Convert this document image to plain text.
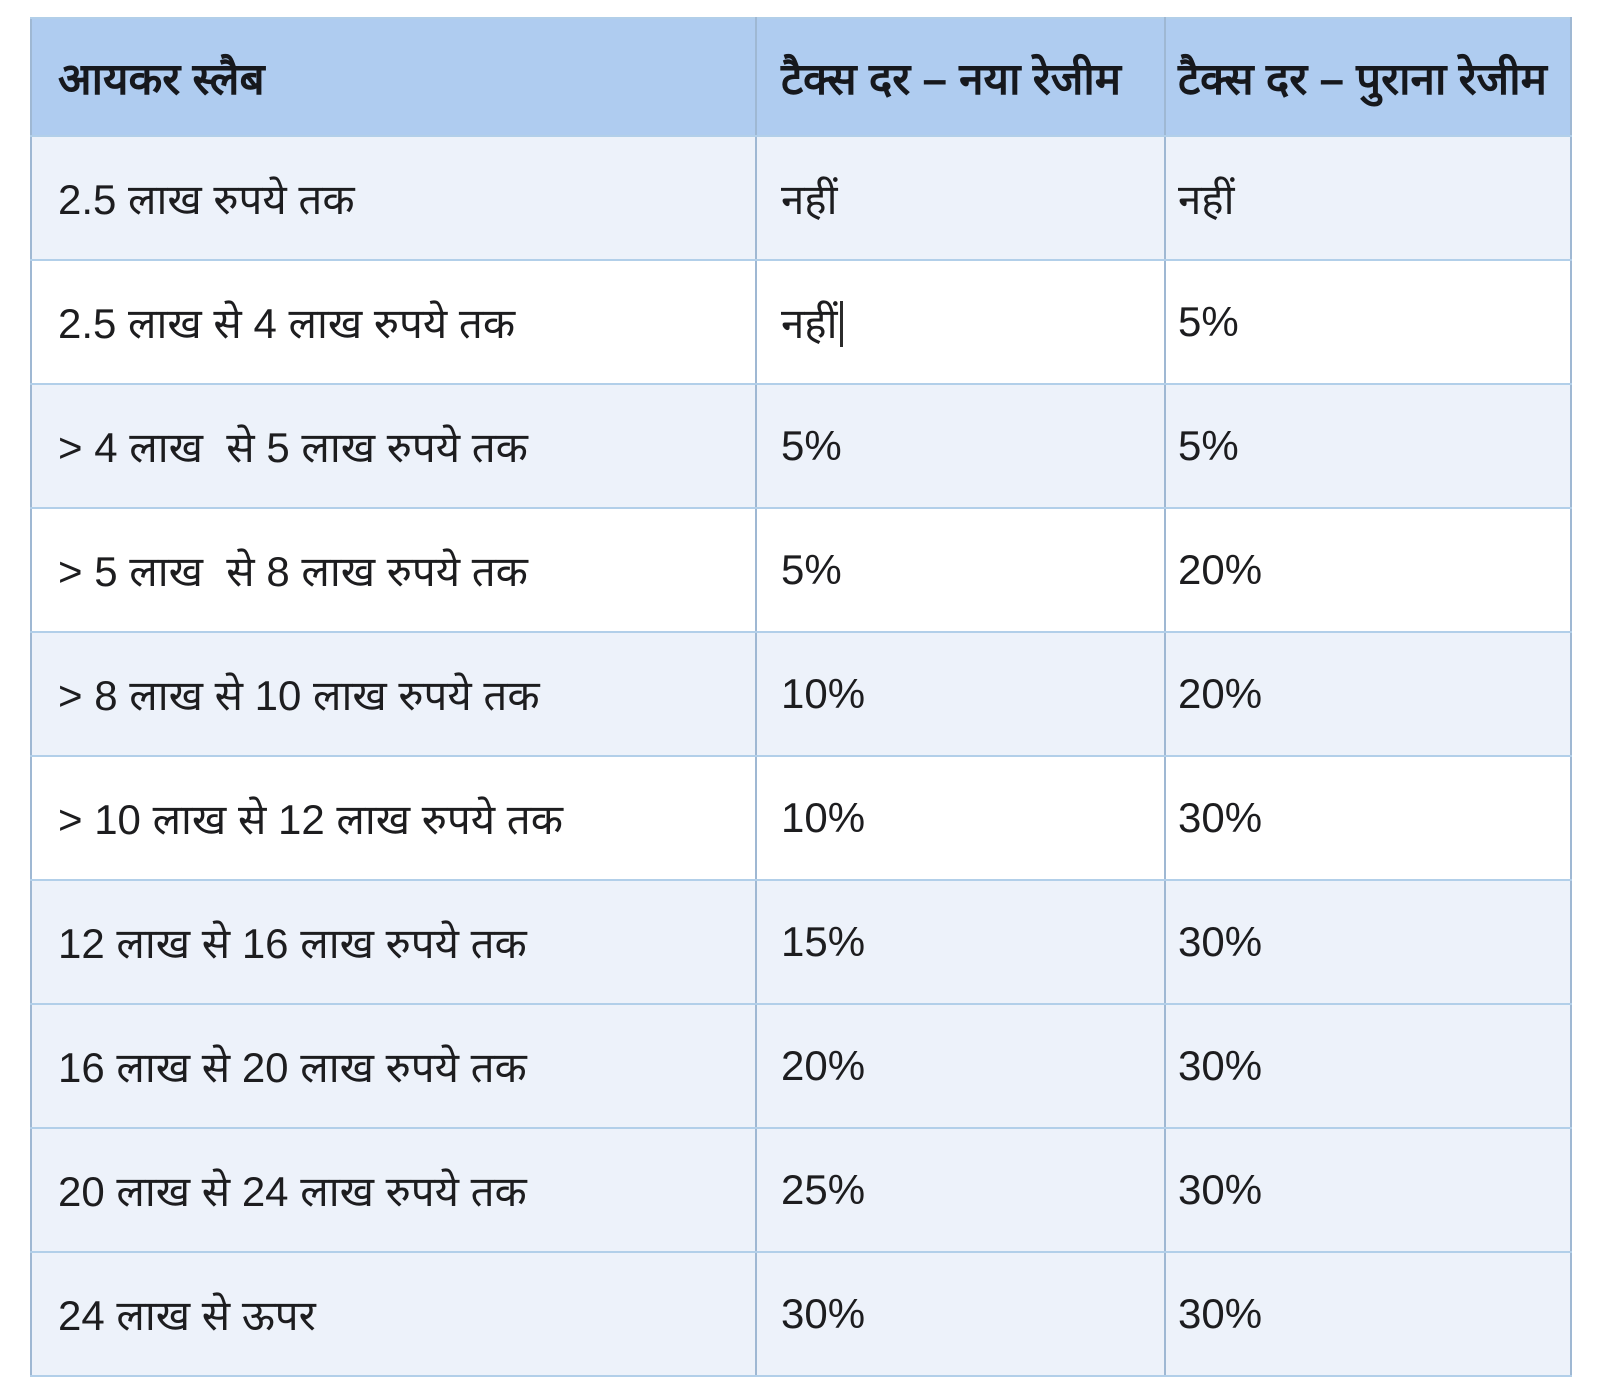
आयकर स्लैब	टैक्स दर – नया रेजीम	टैक्स दर – पुराना रेजीम
2.5 लाख रुपये तक	नहीं	नहीं
2.5 लाख से 4 लाख रुपये तक	नहीं	5%
> 4 लाख  से 5 लाख रुपये तक	5%	5%
> 5 लाख  से 8 लाख रुपये तक	5%	20%
> 8 लाख से 10 लाख रुपये तक	10%	20%
> 10 लाख से 12 लाख रुपये तक	10%	30%
12 लाख से 16 लाख रुपये तक	15%	30%
16 लाख से 20 लाख रुपये तक	20%	30%
20 लाख से 24 लाख रुपये तक	25%	30%
24 लाख से ऊपर	30%	30%
